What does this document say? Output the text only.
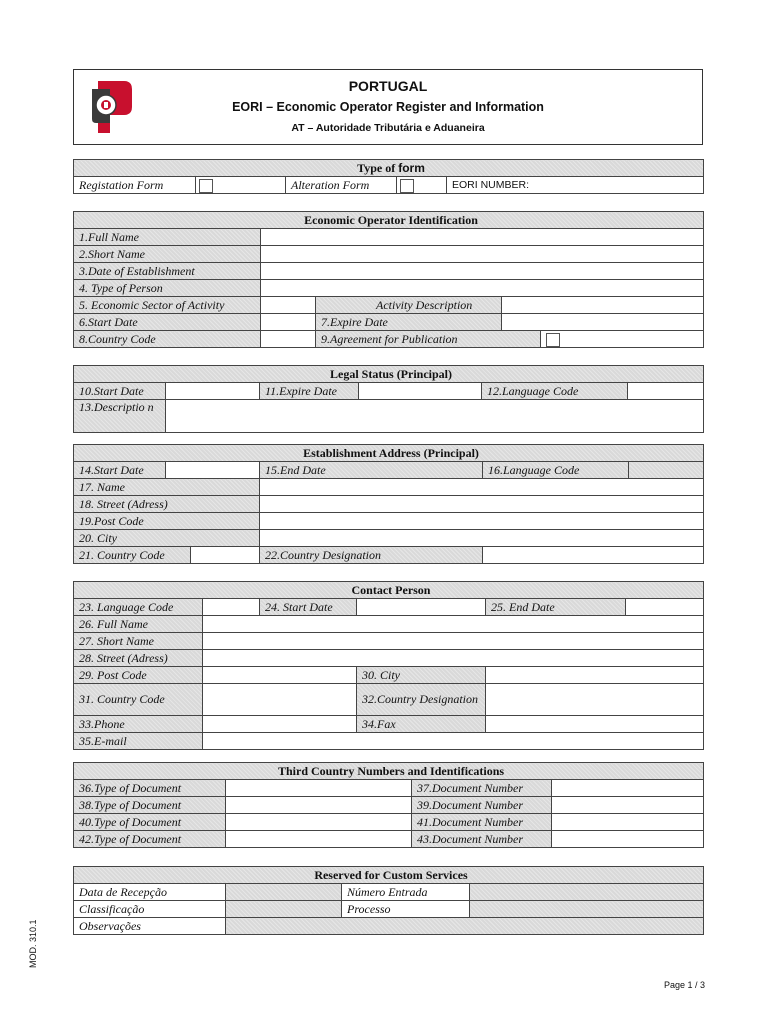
PORTUGAL
EORI – Economic Operator Register and Information
AT – Autoridade Tributária e Aduaneira
Type of form
Registation Form		Alteration Form		EORI NUMBER:
Economic Operator Identification				
1.Full Name				
2.Short Name				
3.Date of Establishment				
4. Type of Person				
5. Economic Sector of Activity		Activity Description		
6.Start Date		7.Expire Date		
8.Country Code		9.Agreement for Publication		
Legal Status (Principal)					
10.Start Date		11.Expire Date		12.Language Code	
13.Descriptio n					
Establishment Address (Principal)					
14.Start Date			15.End Date	16.Language Code	
17. Name					
18. Street (Adress)					
19.Post Code					
20. City					
21. Country Code			22.Country Designation		
Contact Person					
23. Language Code		24. Start Date		25. End Date	
26. Full Name					
27. Short Name					
28. Street (Adress)					
29. Post Code			30. City		
31. Country Code			32.Country Designation		
33.Phone			34.Fax		
35.E-mail					
Third Country Numbers and Identifications			
36.Type of Document		37.Document Number	
38.Type of Document		39.Document Number	
40.Type of Document		41.Document Number	
42.Type of Document		43.Document Number	
Reserved for Custom Services			
Data de Recepção		Número Entrada	
Classificação		Processo	
Observações			
MOD. 310.1
Page 1 / 3
